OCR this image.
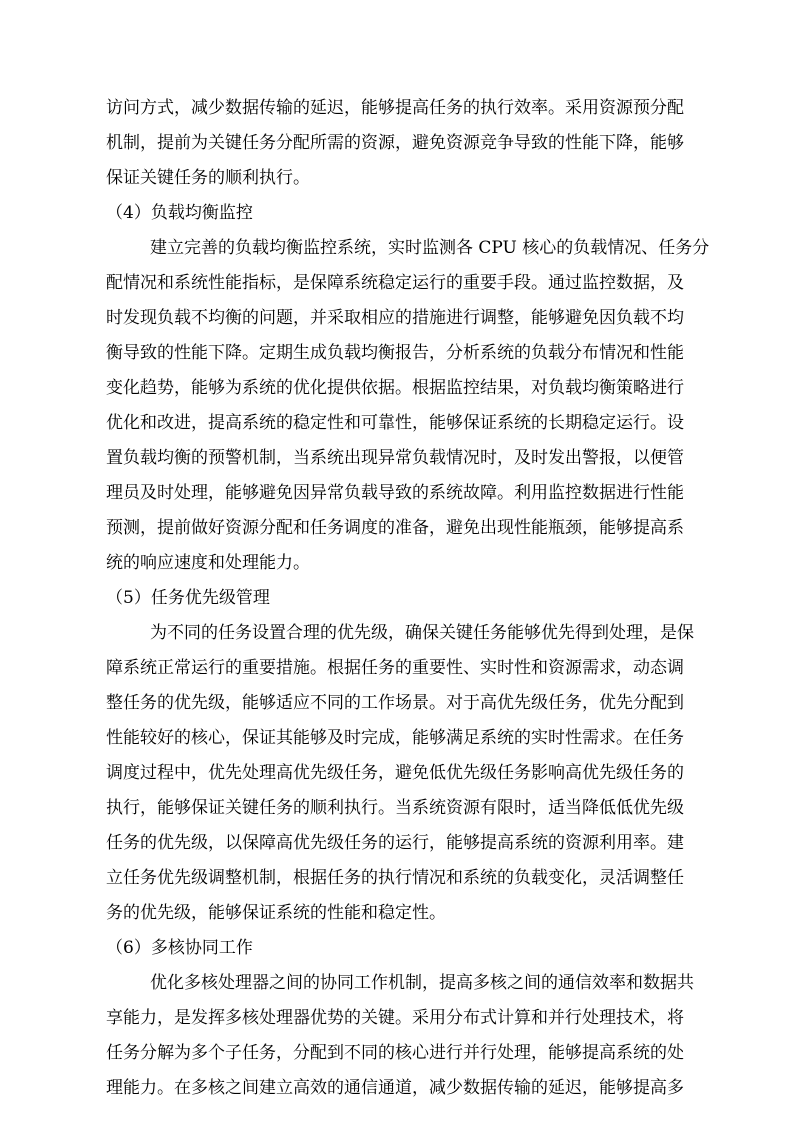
访问方式，减少数据传输的延迟，能够提高任务的执行效率。采用资源预分配
机制，提前为关键任务分配所需的资源，避免资源竞争导致的性能下降，能够
保证关键任务的顺利执行。
（4）负载均衡监控
建立完善的负载均衡监控系统，实时监测各 CPU 核心的负载情况、任务分
配情况和系统性能指标，是保障系统稳定运行的重要手段。通过监控数据，及
时发现负载不均衡的问题，并采取相应的措施进行调整，能够避免因负载不均
衡导致的性能下降。定期生成负载均衡报告，分析系统的负载分布情况和性能
变化趋势，能够为系统的优化提供依据。根据监控结果，对负载均衡策略进行
优化和改进，提高系统的稳定性和可靠性，能够保证系统的长期稳定运行。设
置负载均衡的预警机制，当系统出现异常负载情况时，及时发出警报，以便管
理员及时处理，能够避免因异常负载导致的系统故障。利用监控数据进行性能
预测，提前做好资源分配和任务调度的准备，避免出现性能瓶颈，能够提高系
统的响应速度和处理能力。
（5）任务优先级管理
为不同的任务设置合理的优先级，确保关键任务能够优先得到处理，是保
障系统正常运行的重要措施。根据任务的重要性、实时性和资源需求，动态调
整任务的优先级，能够适应不同的工作场景。对于高优先级任务，优先分配到
性能较好的核心，保证其能够及时完成，能够满足系统的实时性需求。在任务
调度过程中，优先处理高优先级任务，避免低优先级任务影响高优先级任务的
执行，能够保证关键任务的顺利执行。当系统资源有限时，适当降低低优先级
任务的优先级，以保障高优先级任务的运行，能够提高系统的资源利用率。建
立任务优先级调整机制，根据任务的执行情况和系统的负载变化，灵活调整任
务的优先级，能够保证系统的性能和稳定性。
（6）多核协同工作
优化多核处理器之间的协同工作机制，提高多核之间的通信效率和数据共
享能力，是发挥多核处理器优势的关键。采用分布式计算和并行处理技术，将
任务分解为多个子任务，分配到不同的核心进行并行处理，能够提高系统的处
理能力。在多核之间建立高效的通信通道，减少数据传输的延迟，能够提高多
